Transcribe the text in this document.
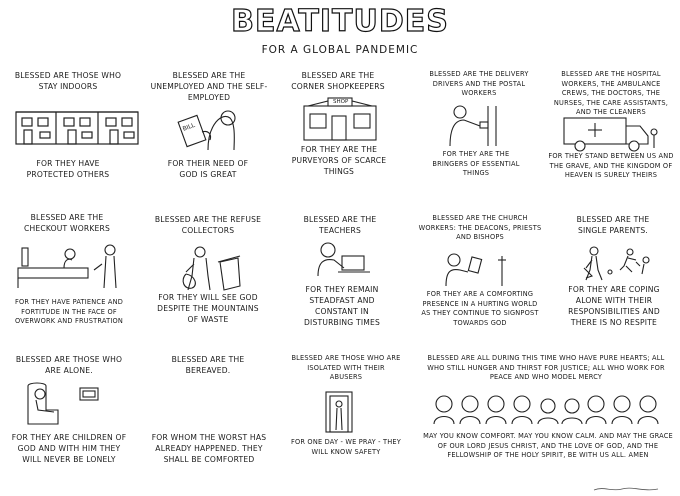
BEATITUDES
FOR A GLOBAL PANDEMIC
BLESSED ARE THOSE WHO STAY INDOORS
FOR THEY HAVE PROTECTED OTHERS
BLESSED ARE THE UNEMPLOYED AND THE SELF-EMPLOYED
BILL
FOR THEIR NEED OF GOD IS GREAT
BLESSED ARE THE CORNER SHOPKEEPERS
SHOP
FOR THEY ARE THE PURVEYORS OF SCARCE THINGS
BLESSED ARE THE DELIVERY DRIVERS AND THE POSTAL WORKERS
FOR THEY ARE THE BRINGERS OF ESSENTIAL THINGS
BLESSED ARE THE HOSPITAL WORKERS, THE AMBULANCE CREWS, THE DOCTORS, THE NURSES, THE CARE ASSISTANTS, AND THE CLEANERS
FOR THEY STAND BETWEEN US AND THE GRAVE, AND THE KINGDOM OF HEAVEN IS SURELY THEIRS
BLESSED ARE THE CHECKOUT WORKERS
FOR THEY HAVE PATIENCE AND FORTITUDE IN THE FACE OF OVERWORK AND FRUSTRATION
BLESSED ARE THE REFUSE COLLECTORS
FOR THEY WILL SEE GOD DESPITE THE MOUNTAINS OF WASTE
BLESSED ARE THE TEACHERS
FOR THEY REMAIN STEADFAST AND CONSTANT IN DISTURBING TIMES
BLESSED ARE THE CHURCH WORKERS: THE DEACONS, PRIESTS AND BISHOPS
FOR THEY ARE A COMFORTING PRESENCE IN A HURTING WORLD AS THEY CONTINUE TO SIGNPOST TOWARDS GOD
BLESSED ARE THE SINGLE PARENTS.
FOR THEY ARE COPING ALONE WITH THEIR RESPONSIBILITIES AND THERE IS NO RESPITE
BLESSED ARE THOSE WHO ARE ALONE.
FOR THEY ARE CHILDREN OF GOD AND WITH HIM THEY WILL NEVER BE LONELY
BLESSED ARE THE BEREAVED.
FOR WHOM THE WORST HAS ALREADY HAPPENED. THEY SHALL BE COMFORTED
BLESSED ARE THOSE WHO ARE ISOLATED WITH THEIR ABUSERS
FOR ONE DAY - WE PRAY - THEY WILL KNOW SAFETY
BLESSED ARE ALL DURING THIS TIME WHO HAVE PURE HEARTS; ALL WHO STILL HUNGER AND THIRST FOR JUSTICE; ALL WHO WORK FOR PEACE AND WHO MODEL MERCY
MAY YOU KNOW COMFORT. MAY YOU KNOW CALM. AND MAY THE GRACE OF OUR LORD JESUS CHRIST, AND THE LOVE OF GOD, AND THE FELLOWSHIP OF THE HOLY SPIRIT, BE WITH US ALL. AMEN
